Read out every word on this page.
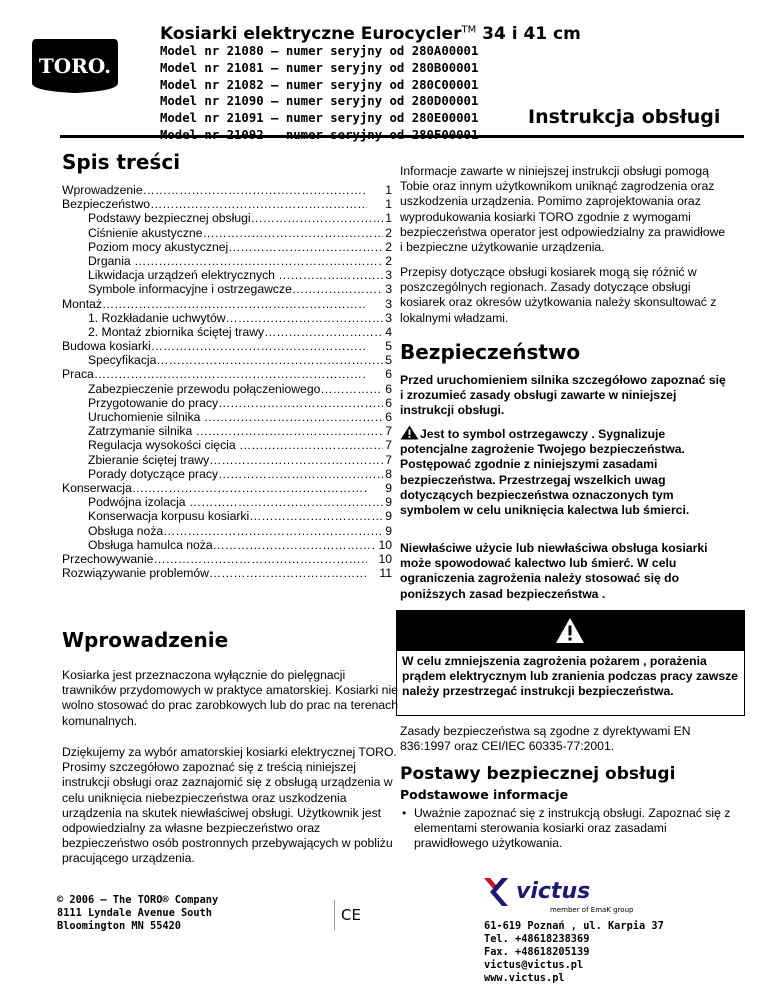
TORO.
Kosiarki elektryczne Eurocycler™ 34 i 41 cm
Model nr 21080 – numer seryjny od 280A00001
Model nr 21081 – numer seryjny od 280B00001
Model nr 21082 – numer seryjny od 280C00001
Model nr 21090 – numer seryjny od 280D00001
Model nr 21091 – numer seryjny od 280E00001	Instrukcja obsługi
Spis treści
Wprowadzenie ……………………………………………………………………………………………………………	1
Bezpieczeństwo ……………………………………………………………………………………………………………	1
Podstawy bezpiecznej obsługi ……………………………………………………………………………………………………………	1
Ciśnienie akustyczne ……………………………………………………………………………………………………………	2
Poziom mocy akustycznej ……………………………………………………………………………………………………………	2
Drgania ……………………………………………………………………………………………………………	2
Likwidacja urządzeń elektrycznych ……………………………………………………………………………………………………………	3
Symbole informacyjne i ostrzegawcze ……………………………………………………………………………………………………………	3
Montaż ……………………………………………………………………………………………………………	3
1. Rozkładanie uchwytów ……………………………………………………………………………………………………………	3
2. Montaż zbiornika ściętej trawy ……………………………………………………………………………………………………………	4
Budowa kosiarki ……………………………………………………………………………………………………………	5
Specyfikacja ……………………………………………………………………………………………………………	5
Praca ……………………………………………………………………………………………………………	6
Zabezpieczenie przewodu połączeniowego ……………………………………………………………………………………………………………	6
Przygotowanie do pracy ……………………………………………………………………………………………………………	6
Uruchomienie silnika ……………………………………………………………………………………………………………	6
Zatrzymanie silnika ……………………………………………………………………………………………………………	7
Regulacja wysokości cięcia ……………………………………………………………………………………………………………	7
Zbieranie ściętej trawy ……………………………………………………………………………………………………………	7
Porady dotyczące pracy ……………………………………………………………………………………………………………	8
Konserwacja ……………………………………………………………………………………………………………	9
Podwójna izolacja ……………………………………………………………………………………………………………	9
Konserwacja korpusu kosiarki ……………………………………………………………………………………………………………	9
Obsługa noża ……………………………………………………………………………………………………………	9
Obsługa hamulca noża ……………………………………………………………………………………………………………	10
Przechowywanie ……………………………………………………………………………………………………………	10
Rozwiązywanie problemów ……………………………………………………………………………………………………………	11
Wprowadzenie

Kosiarka jest przeznaczona wyłącznie do pielęgnacji trawników przydomowych w praktyce amatorskiej. Kosiarki nie wolno stosować do prac zarobkowych lub do prac na terenach komunalnych.

Dziękujemy za wybór amatorskiej kosiarki elektrycznej TORO. Prosimy szczegółowo zapoznać się z treścią niniejszej instrukcji obsługi oraz zaznajomić się z obsługą urządzenia w celu uniknięcia niebezpieczeństwa oraz uszkodzenia urządzenia na skutek niewłaściwej obsługi. Użytkownik jest odpowiedzialny za własne bezpieczeństwo oraz bezpieczeństwo osób postronnych przebywających w pobliżu pracującego urządzenia.

Informacje zawarte w niniejszej instrukcji obsługi pomogą Tobie oraz innym użytkownikom uniknąć zagrodzenia oraz uszkodzenia urządzenia. Pomimo zaprojektowania oraz wyprodukowania kosiarki TORO zgodnie z wymogami bezpieczeństwa operator jest odpowiedzialny za prawidłowe i bezpieczne użytkowanie urządzenia.

Przepisy dotyczące obsługi kosiarek mogą się różnić w poszczególnych regionach. Zasady dotyczące obsługi kosiarek oraz okresów użytkowania należy skonsultować z lokalnymi władzami.

Bezpieczeństwo

Przed uruchomieniem silnika szczegółowo zapoznać się i zrozumieć zasady obsługi zawarte w niniejszej instrukcji obsługi.

Jest to symbol ostrzegawczy . Sygnalizuje potencjalne zagrożenie Twojego bezpieczeństwa. Postępować zgodnie z niniejszymi zasadami bezpieczeństwa. Przestrzegaj wszelkich uwag dotyczących bezpieczeństwa oznaczonych tym symbolem w celu uniknięcia kalectwa lub śmierci.

Niewłaściwe użycie lub niewłaściwa obsługa kosiarki może spowodować kalectwo lub śmierć. W celu ograniczenia zagrożenia należy stosować się do poniższych zasad bezpieczeństwa .

W celu zmniejszenia zagrożenia pożarem , porażenia prądem elektrycznym lub zranienia podczas pracy zawsze należy przestrzegać instrukcji bezpieczeństwa.

Zasady bezpieczeństwa są zgodne z dyrektywami EN 836:1997 oraz CEI/IEC 60335-77:2001.

Postawy bezpiecznej obsługi
Podstawowe informacje
• Uważnie zapoznać się z instrukcją obsługi. Zapoznać się z elementami sterowania kosiarki oraz zasadami prawidłowego użytkowania.
© 2006 – The TORO® Company
8111 Lyndale Avenue South
Bloomington MN 55420
CE
victus
member of EmaK group
61-619 Poznań , ul. Karpia 37
Tel. +48618238369
Fax. +48618205139
victus@victus.pl
www.victus.pl
